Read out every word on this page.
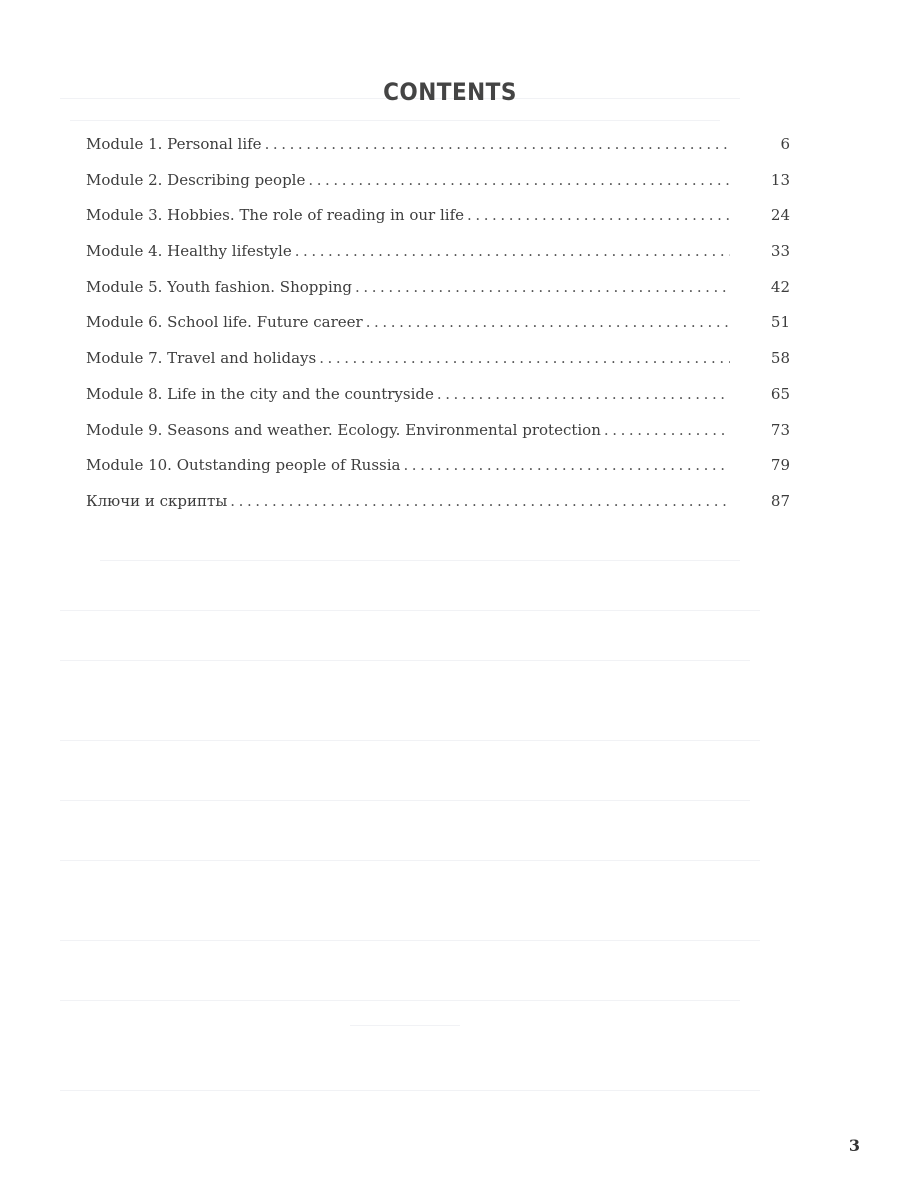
CONTENTS
Module 1. Personal life . . .	6
Module 2. Describing people . . .	13
Module 3. Hobbies. The role of reading in our life . . .	24
Module 4. Healthy lifestyle . . .	33
Module 5. Youth fashion. Shopping . . .	42
Module 6. School life. Future career . . .	51
Module 7. Travel and holidays . . .	58
Module 8. Life in the city and the countryside . . .	65
Module 9. Seasons and weather. Ecology. Environmental protection . . .	73
Module 10. Outstanding people of Russia . . .	79
Ключи и скрипты . . .	87
3
